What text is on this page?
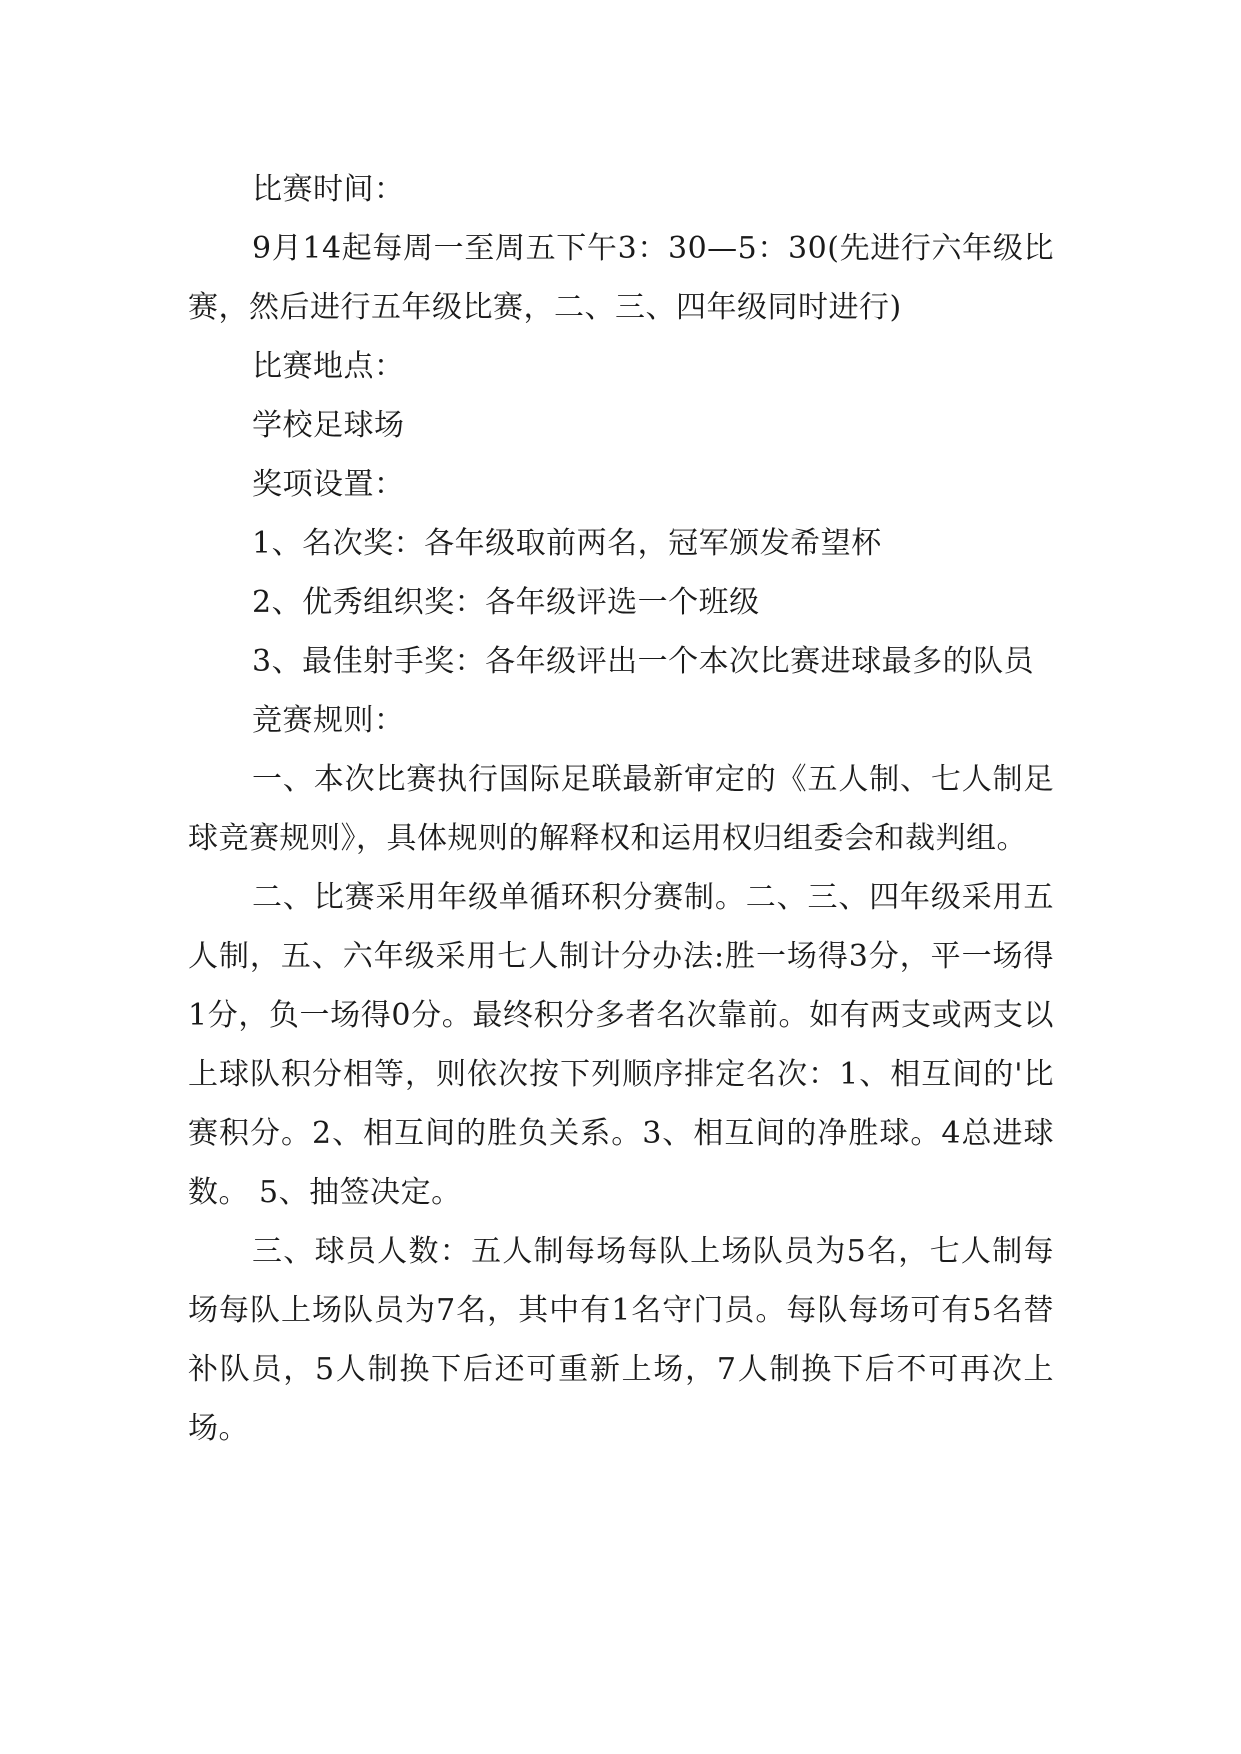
比赛时间：

9月14起每周一至周五下午3：30—5：30(先进行六年级比赛，然后进行五年级比赛，二、三、四年级同时进行)

比赛地点：

学校足球场

奖项设置：

1、名次奖：各年级取前两名，冠军颁发希望杯

2、优秀组织奖：各年级评选一个班级

3、最佳射手奖：各年级评出一个本次比赛进球最多的队员

竞赛规则：

一、本次比赛执行国际足联最新审定的《五人制、七人制足球竞赛规则》，具体规则的解释权和运用权归组委会和裁判组。

二、比赛采用年级单循环积分赛制。二、三、四年级采用五人制，五、六年级采用七人制计分办法:胜一场得3分，平一场得1分，负一场得0分。最终积分多者名次靠前。如有两支或两支以上球队积分相等，则依次按下列顺序排定名次：1、相互间的'比赛积分。2、相互间的胜负关系。3、相互间的净胜球。4总进球数。 5、抽签决定。

三、球员人数：五人制每场每队上场队员为5名，七人制每场每队上场队员为7名，其中有1名守门员。每队每场可有5名替补队员，5人制换下后还可重新上场，7人制换下后不可再次上场。
